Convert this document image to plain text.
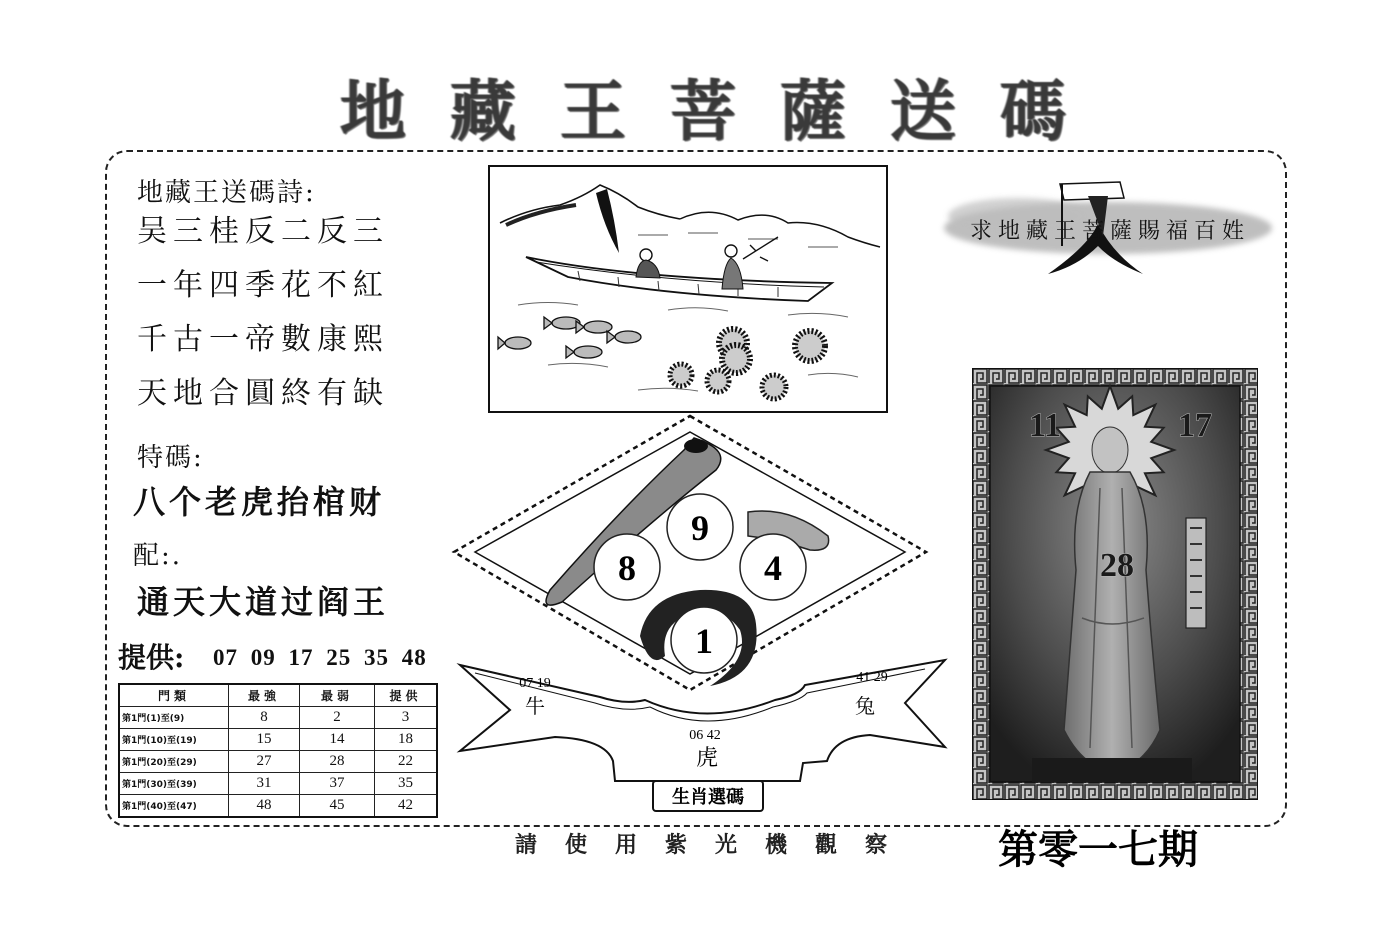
地藏王菩薩送碼
地藏王送碼詩:
吴三桂反二反三
一年四季花不紅
千古一帝數康熙
天地合圓終有缺
特碼:
八个老虎抬棺财
配:.
通天大道过阎王
提供: 07 09 17 25 35 48
門類	最強	最弱	提供
第1門(1)至(9)	8	2	3
第1門(10)至(19)	15	14	18
第1門(20)至(29)	27	28	22
第1門(30)至(39)	31	37	35
第1門(40)至(47)	48	45	42
9
8	4
1
07 19
牛
41 29
兔
06 42
虎
生肖選碼
求地藏王菩薩賜福百姓
11	17
28
請使用紫光機觀察 第零一七期
